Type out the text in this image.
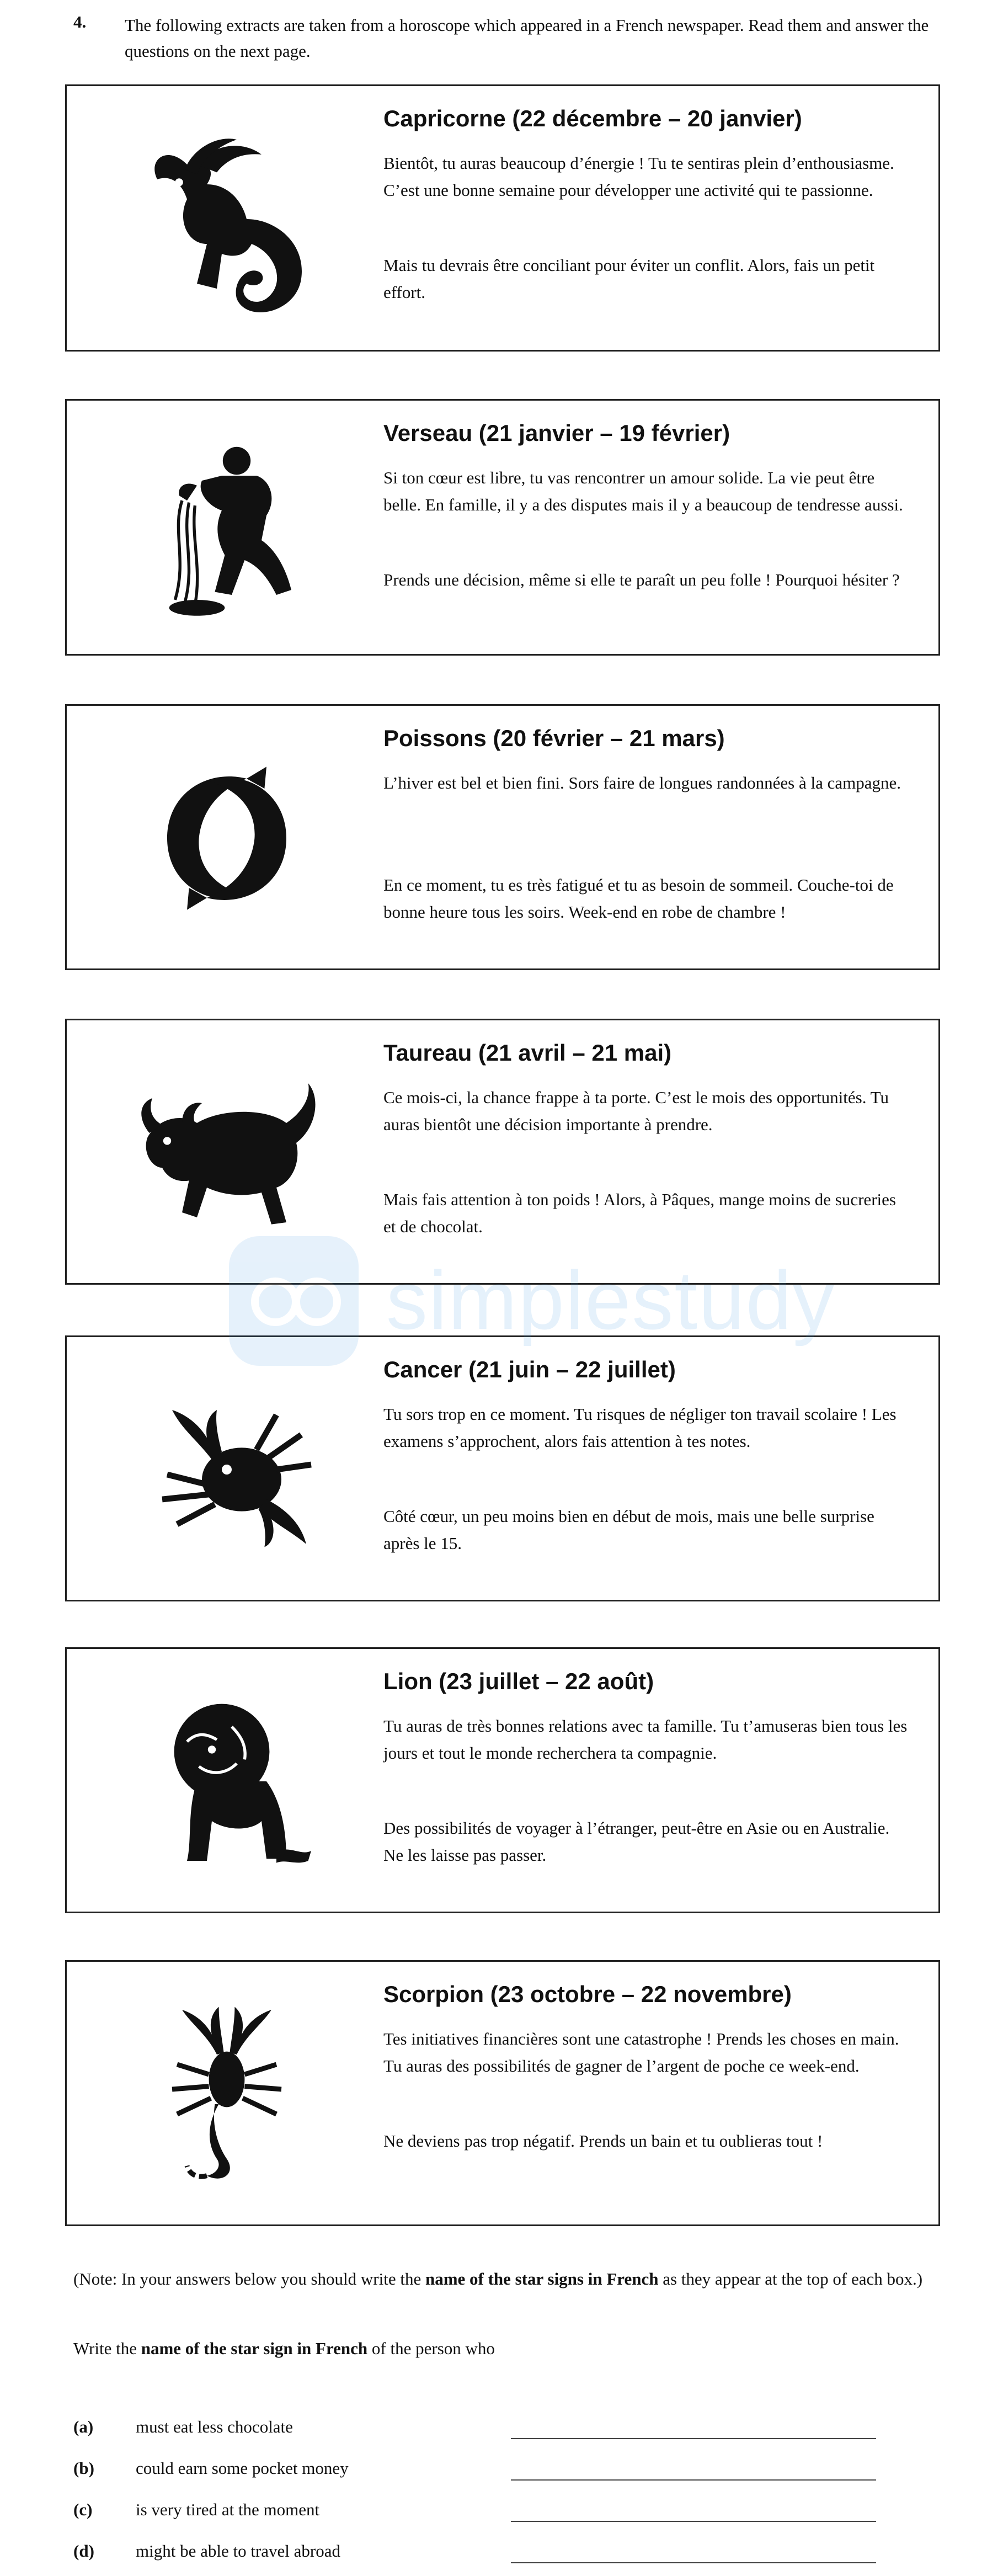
4. The following extracts are taken from a horoscope which appeared in a French newspaper. Read them and answer the questions on the next page.
Capricorne (22 décembre – 20 janvier)
Bientôt, tu auras beaucoup d’énergie ! Tu te sentiras plein d’enthousiasme. C’est une bonne semaine pour développer une activité qui te passionne.
Mais tu devrais être conciliant pour éviter un conflit. Alors, fais un petit effort.
Verseau (21 janvier – 19 février)
Si ton cœur est libre, tu vas rencontrer un amour solide. La vie peut être belle. En famille, il y a des disputes mais il y a beaucoup de tendresse aussi.
Prends une décision, même si elle te paraît un peu folle ! Pourquoi hésiter ?
Poissons (20 février – 21 mars)
L’hiver est bel et bien fini. Sors faire de longues randonnées à la campagne.
En ce moment, tu es très fatigué et tu as besoin de sommeil. Couche-toi de bonne heure tous les soirs. Week-end en robe de chambre !
Taureau (21 avril – 21 mai)
Ce mois-ci, la chance frappe à ta porte. C’est le mois des opportunités. Tu auras bientôt une décision importante à prendre.
Mais fais attention à ton poids ! Alors, à Pâques, mange moins de sucreries et de chocolat.
Cancer (21 juin – 22 juillet)
Tu sors trop en ce moment. Tu risques de négliger ton travail scolaire ! Les examens s’approchent, alors fais attention à tes notes.
Côté cœur, un peu moins bien en début de mois, mais une belle surprise après le 15.
Lion (23 juillet – 22 août)
Tu auras de très bonnes relations avec ta famille. Tu t’amuseras bien tous les jours et tout le monde recherchera ta compagnie.
Des possibilités de voyager à l’étranger, peut-être en Asie ou en Australie. Ne les laisse pas passer.
Scorpion (23 octobre – 22 novembre)
Tes initiatives financières sont une catastrophe ! Prends les choses en main. Tu auras des possibilités de gagner de l’argent de poche ce week-end.
Ne deviens pas trop négatif. Prends un bain et tu oublieras tout !
simplestudy
(Note: In your answers below you should write the name of the star signs in French as they appear at the top of each box.)
Write the name of the star sign in French of the person who
(a) must eat less chocolate
(b) could earn some pocket money
(c)	is very tired at the moment
(d) might be able to travel abroad
